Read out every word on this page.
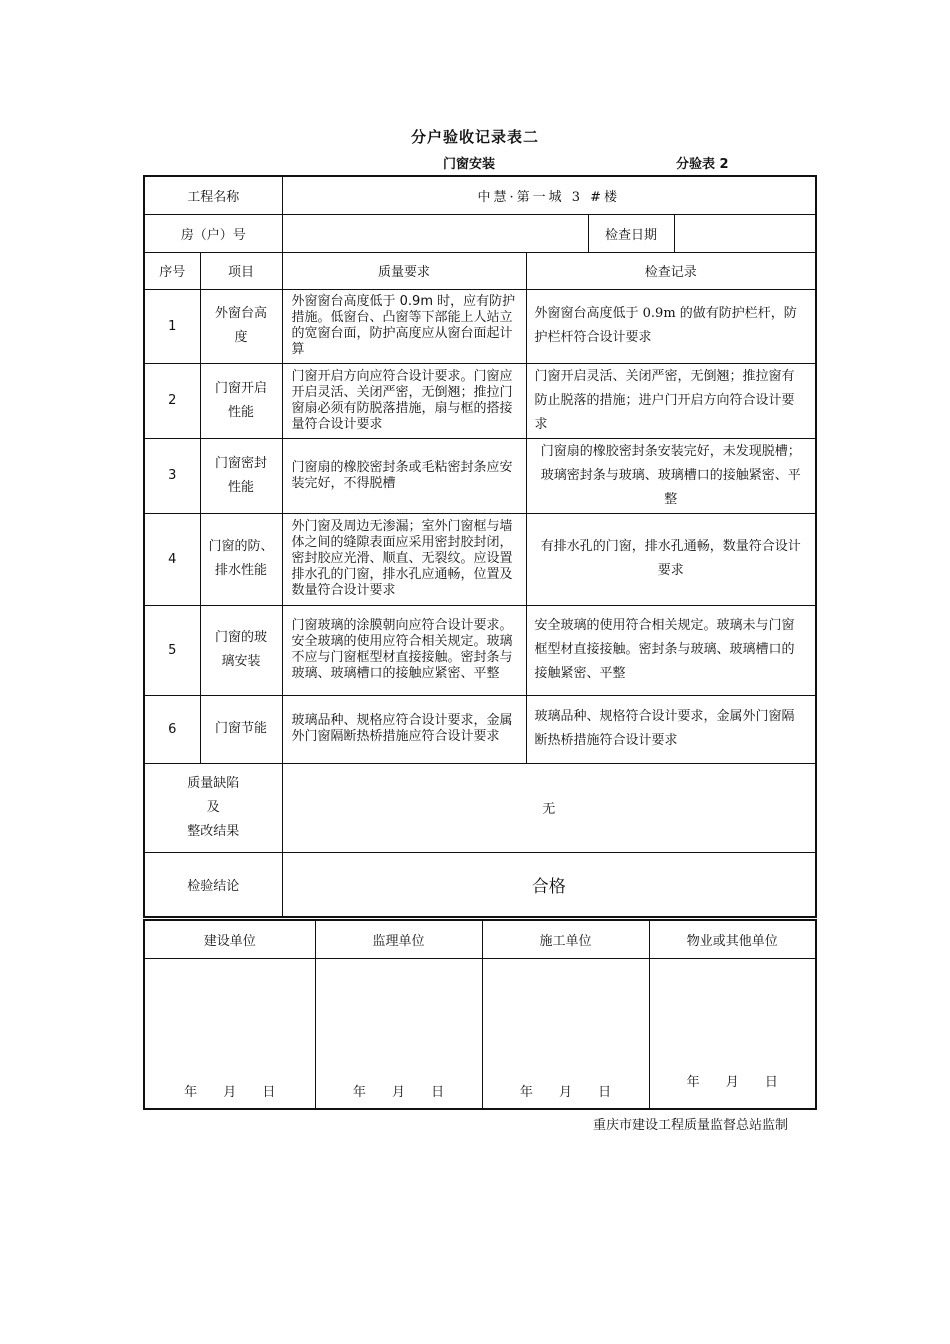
分户验收记录表二
门窗安装	分验表 2
工程名称		中慧·第一城 3 #楼			
房（户）号				检查日期	
序号	项目	质量要求	检查记录		
1	外窗台高度	外窗窗台高度低于 0.9m 时，应有防护措施。低窗台、凸窗等下部能上人站立的宽窗台面，防护高度应从窗台面起计算	外窗窗台高度低于 0.9m 的做有防护栏杆，防护栏杆符合设计要求		
2	门窗开启性能	门窗开启方向应符合设计要求。门窗应开启灵活、关闭严密，无倒翘；推拉门窗扇必须有防脱落措施，扇与框的搭接量符合设计要求	门窗开启灵活、关闭严密，无倒翘；推拉窗有防止脱落的措施；进户门开启方向符合设计要求		
3	门窗密封性能	门窗扇的橡胶密封条或毛粘密封条应安装完好，不得脱槽	门窗扇的橡胶密封条安装完好，未发现脱槽；玻璃密封条与玻璃、玻璃槽口的接触紧密、平整		
4	门窗的防、排水性能	外门窗及周边无渗漏；室外门窗框与墙体之间的缝隙表面应采用密封胶封闭，密封胶应光滑、顺直、无裂纹。应设置排水孔的门窗，排水孔应通畅，位置及数量符合设计要求	有排水孔的门窗，排水孔通畅，数量符合设计要求		
5	门窗的玻璃安装	门窗玻璃的涂膜朝向应符合设计要求。安全玻璃的使用应符合相关规定。玻璃不应与门窗框型材直接接触。密封条与玻璃、玻璃槽口的接触应紧密、平整	安全玻璃的使用符合相关规定。玻璃未与门窗框型材直接接触。密封条与玻璃、玻璃槽口的接触紧密、平整		
6	门窗节能	玻璃品种、规格应符合设计要求，金属外门窗隔断热桥措施应符合设计要求	玻璃品种、规格符合设计要求，金属外门窗隔断热桥措施符合设计要求		

质量缺陷
及
整改结果		无			
检验结论		合格			
建设单位	监理单位	施工单位	物业或其他单位

年 月 日	年 月 日	年 月 日	年 月 日
重庆市建设工程质量监督总站监制
